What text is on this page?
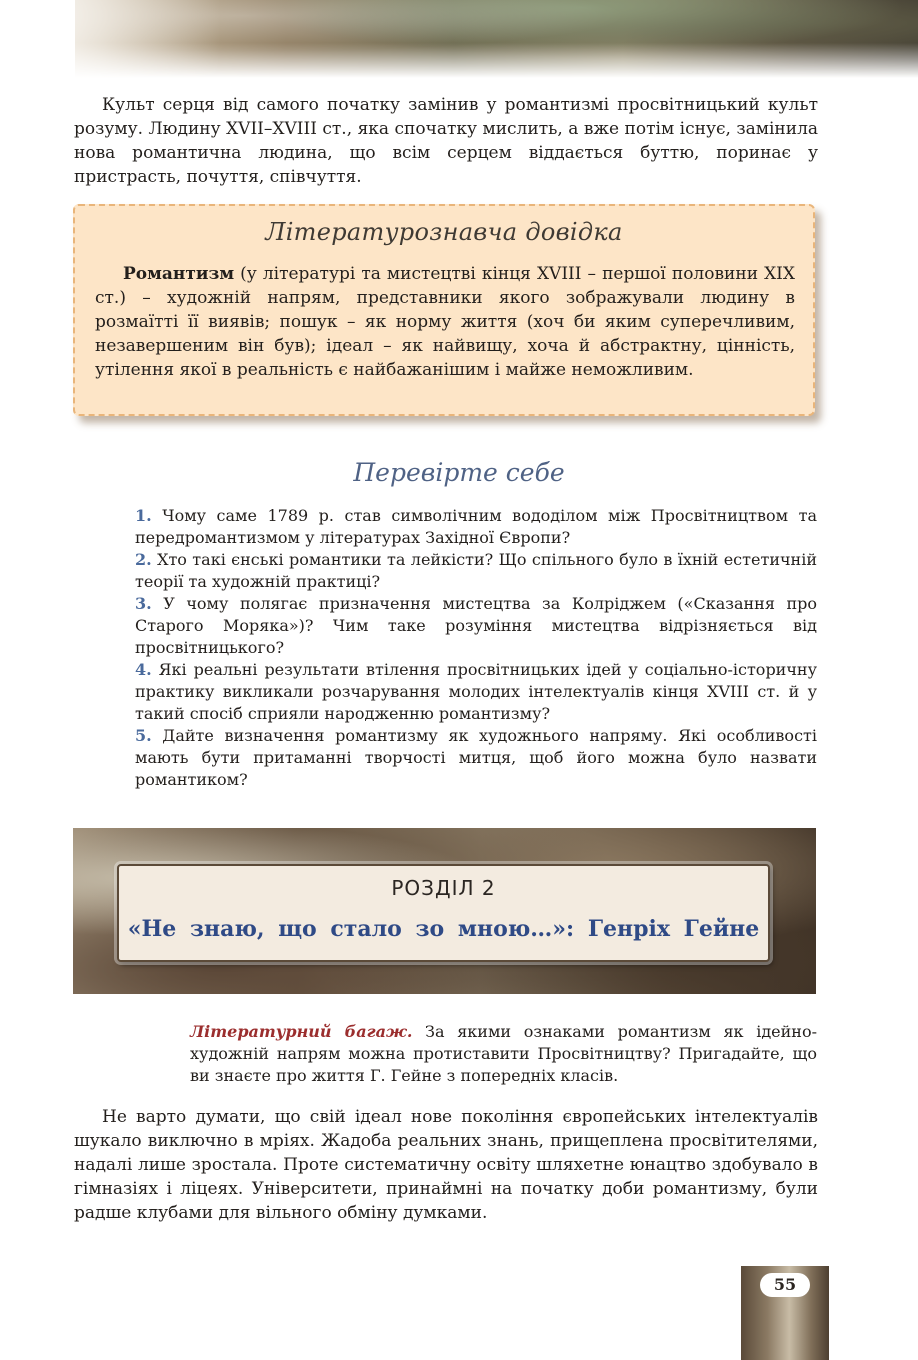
Культ серця від самого початку замінив у романтизмі просвітницький культ розуму. Людину XVII–XVIII ст., яка спочатку мислить, а вже потім існує, замінила нова романтична людина, що всім серцем віддається буттю, поринає у пристрасть, почуття, співчуття.

Літературознавча довідка

Романтизм (у літературі та мистецтві кінця XVIII – першої половини XIX ст.) – художній напрям, представники якого зображували людину в розмаїтті її виявів; пошук – як норму життя (хоч би яким суперечливим, незавершеним він був); ідеал – як найвищу, хоча й абстрактну, цінність, утілення якої в реальність є найбажанішим і майже неможливим.

Перевірте себе
1. Чому саме 1789 р. став символічним вододілом між Просвітництвом та передромантизмом у літературах Західної Європи?
2. Хто такі єнські романтики та лейкісти? Що спільного було в їхній естетичній теорії та художній практиці?
3. У чому полягає призначення мистецтва за Колріджем («Сказання про Старого Моряка»)? Чим таке розуміння мистецтва відрізняється від просвітницького?
4. Які реальні результати втілення просвітницьких ідей у соціально-історичну практику викликали розчарування молодих інтелектуалів кінця XVIII ст. й у такий спосіб сприяли народженню романтизму?
5. Дайте визначення романтизму як художнього напряму. Які особливості мають бути притаманні творчості митця, щоб його можна було назвати романтиком?
РОЗДІЛ 2
«Не знаю, що стало зо мною…»: Генріх Гейне

Літературний багаж. За якими ознаками романтизм як ідейно-художній напрям можна протиставити Просвітництву? Пригадайте, що ви знаєте про життя Г. Гейне з попередніх класів.

Не варто думати, що свій ідеал нове покоління європейських інтелектуалів шукало виключно в мріях. Жадоба реальних знань, прищеплена просвітителями, надалі лише зростала. Проте систематичну освіту шляхетне юнацтво здобувало в гімназіях і ліцеях. Університети, принаймні на початку доби романтизму, були радше клубами для вільного обміну думками.

55
